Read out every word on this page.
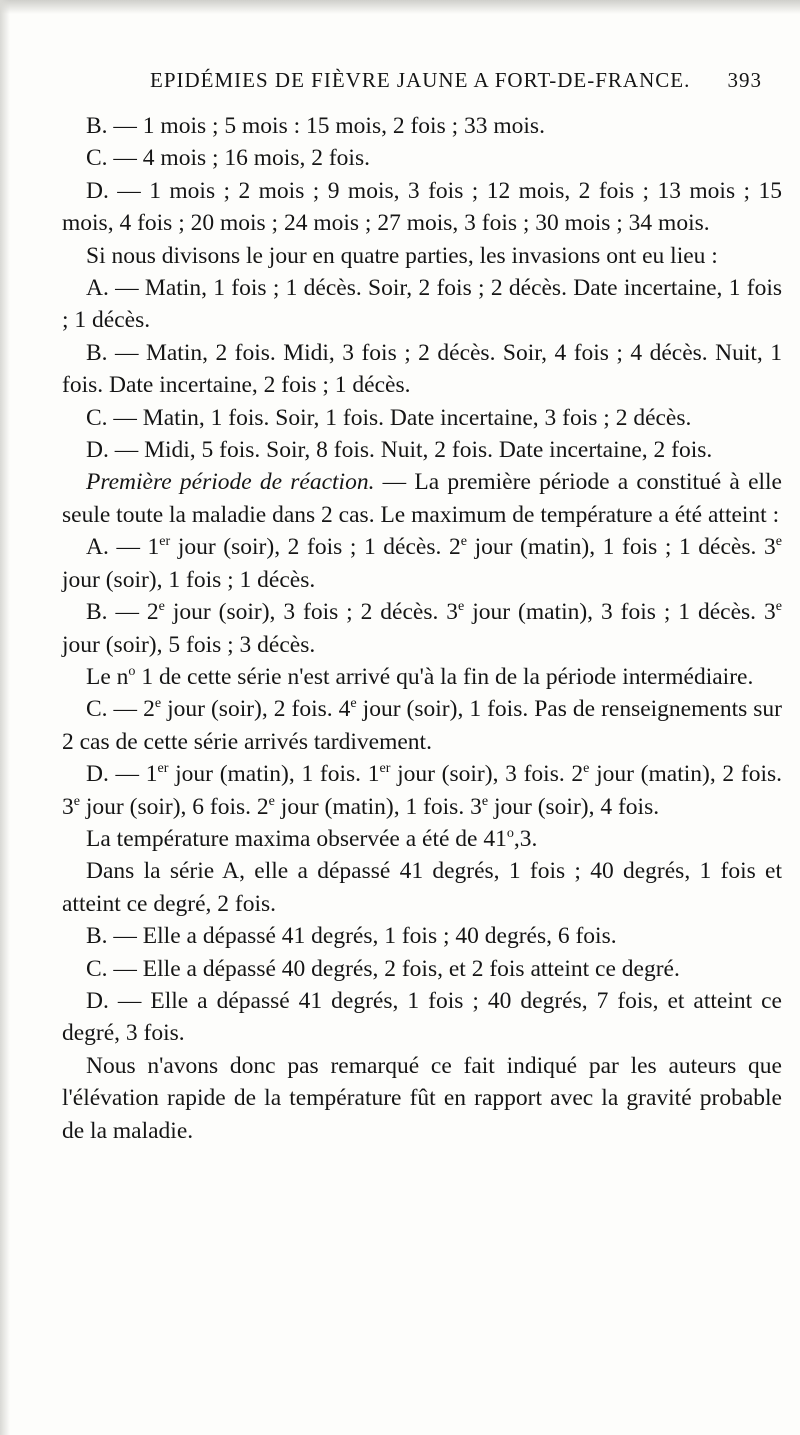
EPIDÉMIES DE FIÈVRE JAUNE A FORT-DE-FRANCE. 393

B. — 1 mois ; 5 mois : 15 mois, 2 fois ; 33 mois.

C. — 4 mois ; 16 mois, 2 fois.

D. — 1 mois ; 2 mois ; 9 mois, 3 fois ; 12 mois, 2 fois ; 13 mois ; 15 mois, 4 fois ; 20 mois ; 24 mois ; 27 mois, 3 fois ; 30 mois ; 34 mois.

Si nous divisons le jour en quatre parties, les invasions ont eu lieu :

A. — Matin, 1 fois ; 1 décès. Soir, 2 fois ; 2 décès. Date incertaine, 1 fois ; 1 décès.

B. — Matin, 2 fois. Midi, 3 fois ; 2 décès. Soir, 4 fois ; 4 décès. Nuit, 1 fois. Date incertaine, 2 fois ; 1 décès.

C. — Matin, 1 fois. Soir, 1 fois. Date incertaine, 3 fois ; 2 décès.

D. — Midi, 5 fois. Soir, 8 fois. Nuit, 2 fois. Date incertaine, 2 fois.

Première période de réaction. — La première période a constitué à elle seule toute la maladie dans 2 cas. Le maximum de température a été atteint :

A. — 1er jour (soir), 2 fois ; 1 décès. 2e jour (matin), 1 fois ; 1 décès. 3e jour (soir), 1 fois ; 1 décès.

B. — 2e jour (soir), 3 fois ; 2 décès. 3e jour (matin), 3 fois ; 1 décès. 3e jour (soir), 5 fois ; 3 décès.

Le $n^o$ 1 de cette série n'est arrivé qu'à la fin de la période intermédiaire.

C. — 2e jour (soir), 2 fois. 4e jour (soir), 1 fois. Pas de renseignements sur 2 cas de cette série arrivés tardivement.

D. — 1er jour (matin), 1 fois. 1er jour (soir), 3 fois. 2e jour (matin), 2 fois. 3e jour (soir), 6 fois. 2e jour (matin), 1 fois. 3e jour (soir), 4 fois.

La température maxima observée a été de 41$^o$,3.

Dans la série A, elle a dépassé 41 degrés, 1 fois ; 40 degrés, 1 fois et atteint ce degré, 2 fois.

B. — Elle a dépassé 41 degrés, 1 fois ; 40 degrés, 6 fois.

C. — Elle a dépassé 40 degrés, 2 fois, et 2 fois atteint ce degré.

D. — Elle a dépassé 41 degrés, 1 fois ; 40 degrés, 7 fois, et atteint ce degré, 3 fois.

Nous n'avons donc pas remarqué ce fait indiqué par les auteurs que l'élévation rapide de la température fût en rapport avec la gravité probable de la maladie.
